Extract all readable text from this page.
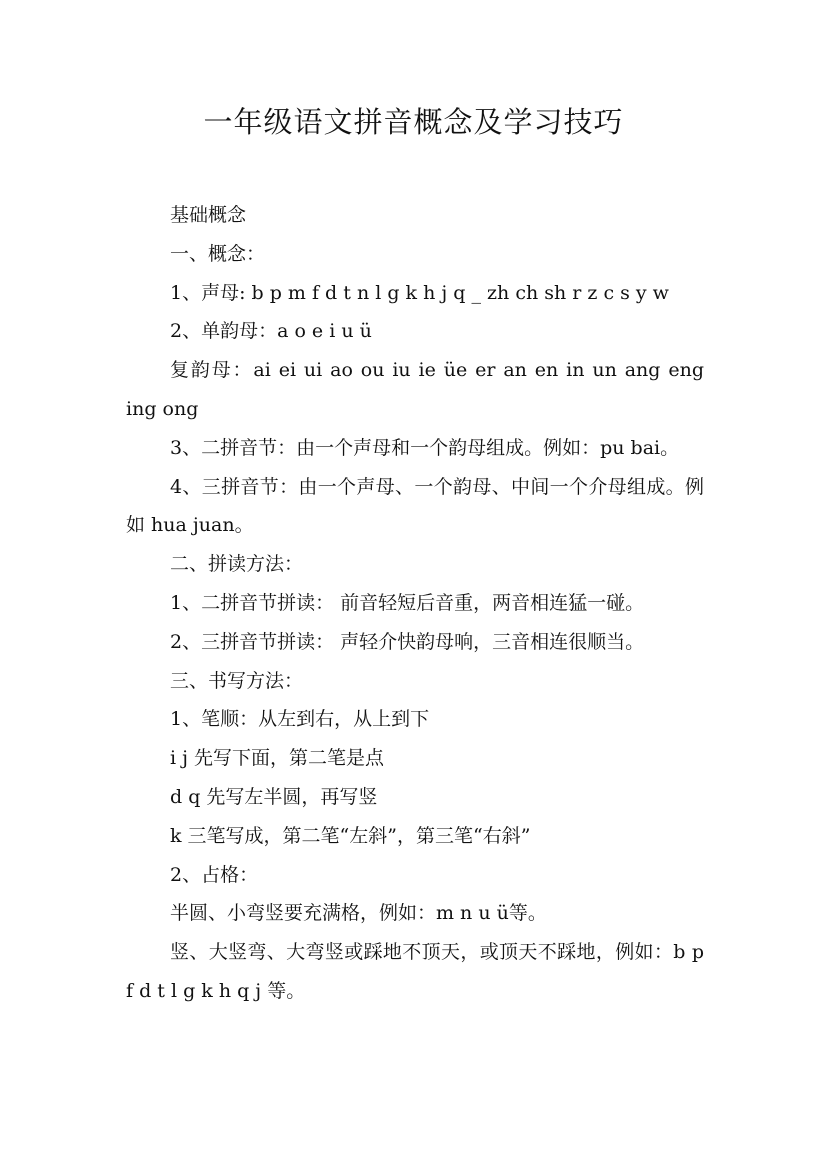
一年级语文拼音概念及学习技巧

基础概念

一、概念：

1、声母: b p m f d t n l g k h j q _ zh ch sh r z c s y w

2、单韵母：a o e i u ü

复韵母：ai ei ui ao ou iu ie üe er an en in un ang eng ing ong

3、二拼音节：由一个声母和一个韵母组成。例如：pu bai。

4、三拼音节：由一个声母、一个韵母、中间一个介母组成。例如 hua juan。

二、拼读方法：

1、二拼音节拼读： 前音轻短后音重，两音相连猛一碰。

2、三拼音节拼读： 声轻介快韵母响，三音相连很顺当。

三、书写方法：

1、笔顺：从左到右，从上到下

i j 先写下面，第二笔是点

d q 先写左半圆，再写竖

k 三笔写成，第二笔“左斜”，第三笔“右斜”

2、占格：

半圆、小弯竖要充满格，例如：m n u ü等。

竖、大竖弯、大弯竖或踩地不顶天，或顶天不踩地，例如：b p f d t l g k h q j 等。
